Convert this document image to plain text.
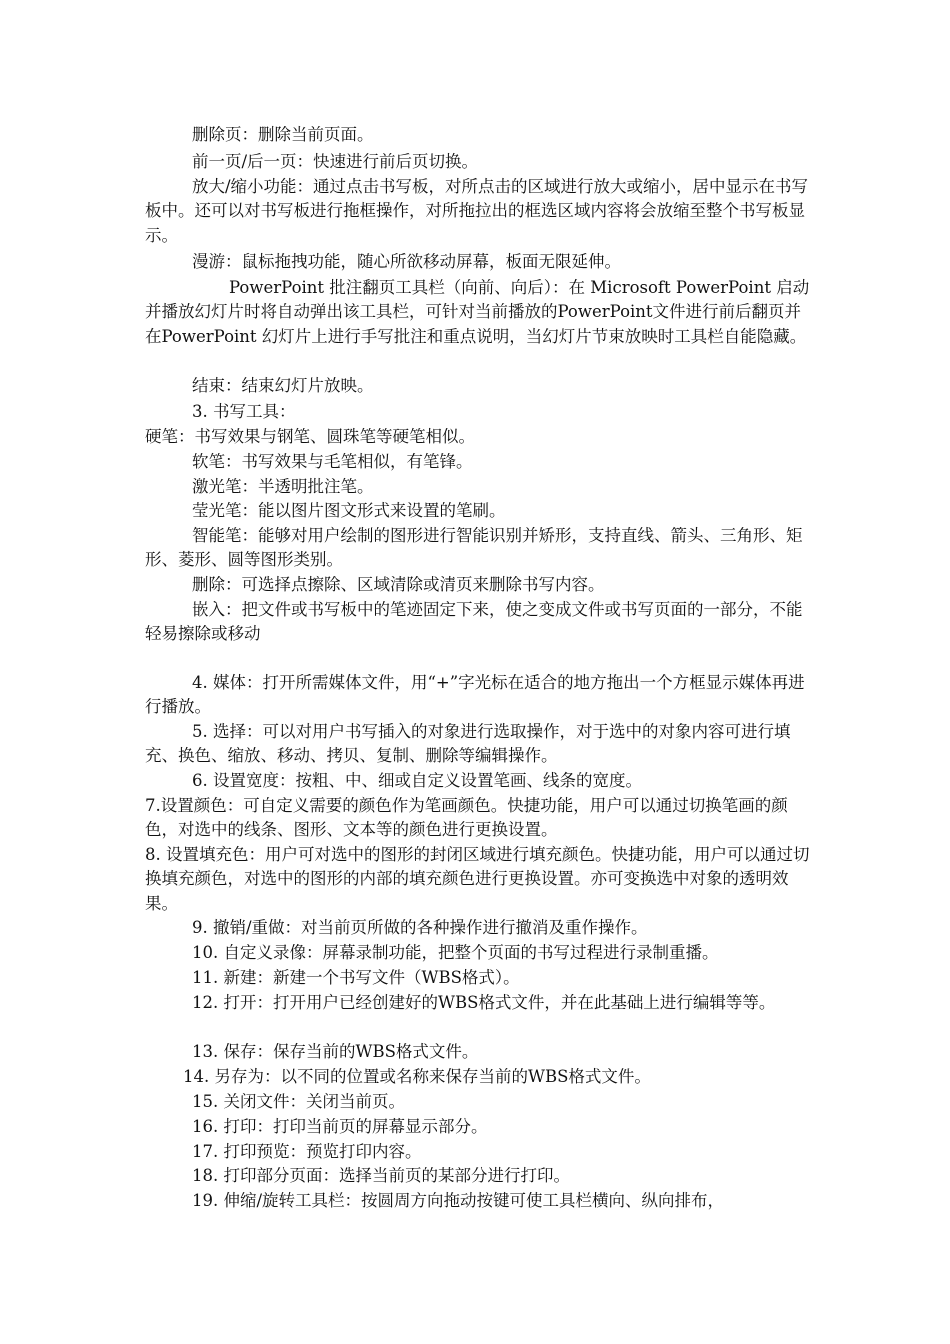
删除页：删除当前页面。
前一页/后一页：快速进行前后页切换。
放大/缩小功能：通过点击书写板，对所点击的区域进行放大或缩小，居中显示在书写板中。还可以对书写板进行拖框操作，对所拖拉出的框选区域内容将会放缩至整个书写板显示。
漫游：鼠标拖拽功能，随心所欲移动屏幕，板面无限延伸。
PowerPoint 批注翻页工具栏（向前、向后）：在 Microsoft PowerPoint 启动并播放幻灯片时将自动弹出该工具栏，可针对当前播放的PowerPoint文件进行前后翻页并在PowerPoint 幻灯片上进行手写批注和重点说明，当幻灯片节束放映时工具栏自能隐藏。
结束：结束幻灯片放映。
3. 书写工具：
硬笔：书写效果与钢笔、圆珠笔等硬笔相似。
软笔：书写效果与毛笔相似，有笔锋。
激光笔：半透明批注笔。
莹光笔：能以图片图文形式来设置的笔刷。
智能笔：能够对用户绘制的图形进行智能识别并矫形，支持直线、箭头、三角形、矩形、菱形、圆等图形类别。
删除：可选择点擦除、区域清除或清页来删除书写内容。
嵌入：把文件或书写板中的笔迹固定下来，使之变成文件或书写页面的一部分，不能轻易擦除或移动
4. 媒体：打开所需媒体文件，用“+”字光标在适合的地方拖出一个方框显示媒体再进行播放。
5. 选择：可以对用户书写插入的对象进行选取操作，对于选中的对象内容可进行填充、换色、缩放、移动、拷贝、复制、删除等编辑操作。
6. 设置宽度：按粗、中、细或自定义设置笔画、线条的宽度。
7.设置颜色：可自定义需要的颜色作为笔画颜色。快捷功能，用户可以通过切换笔画的颜色，对选中的线条、图形、文本等的颜色进行更换设置。
8. 设置填充色：用户可对选中的图形的封闭区域进行填充颜色。快捷功能，用户可以通过切换填充颜色，对选中的图形的内部的填充颜色进行更换设置。亦可变换选中对象的透明效果。
9. 撤销/重做：对当前页所做的各种操作进行撤消及重作操作。
10. 自定义录像：屏幕录制功能，把整个页面的书写过程进行录制重播。
11. 新建：新建一个书写文件（WBS格式）。
12. 打开：打开用户已经创建好的WBS格式文件，并在此基础上进行编辑等等。
13. 保存：保存当前的WBS格式文件。
14. 另存为：以不同的位置或名称来保存当前的WBS格式文件。
15. 关闭文件：关闭当前页。
16. 打印：打印当前页的屏幕显示部分。
17. 打印预览：预览打印内容。
18. 打印部分页面：选择当前页的某部分进行打印。
19. 伸缩/旋转工具栏：按圆周方向拖动按键可使工具栏横向、纵向排布，
